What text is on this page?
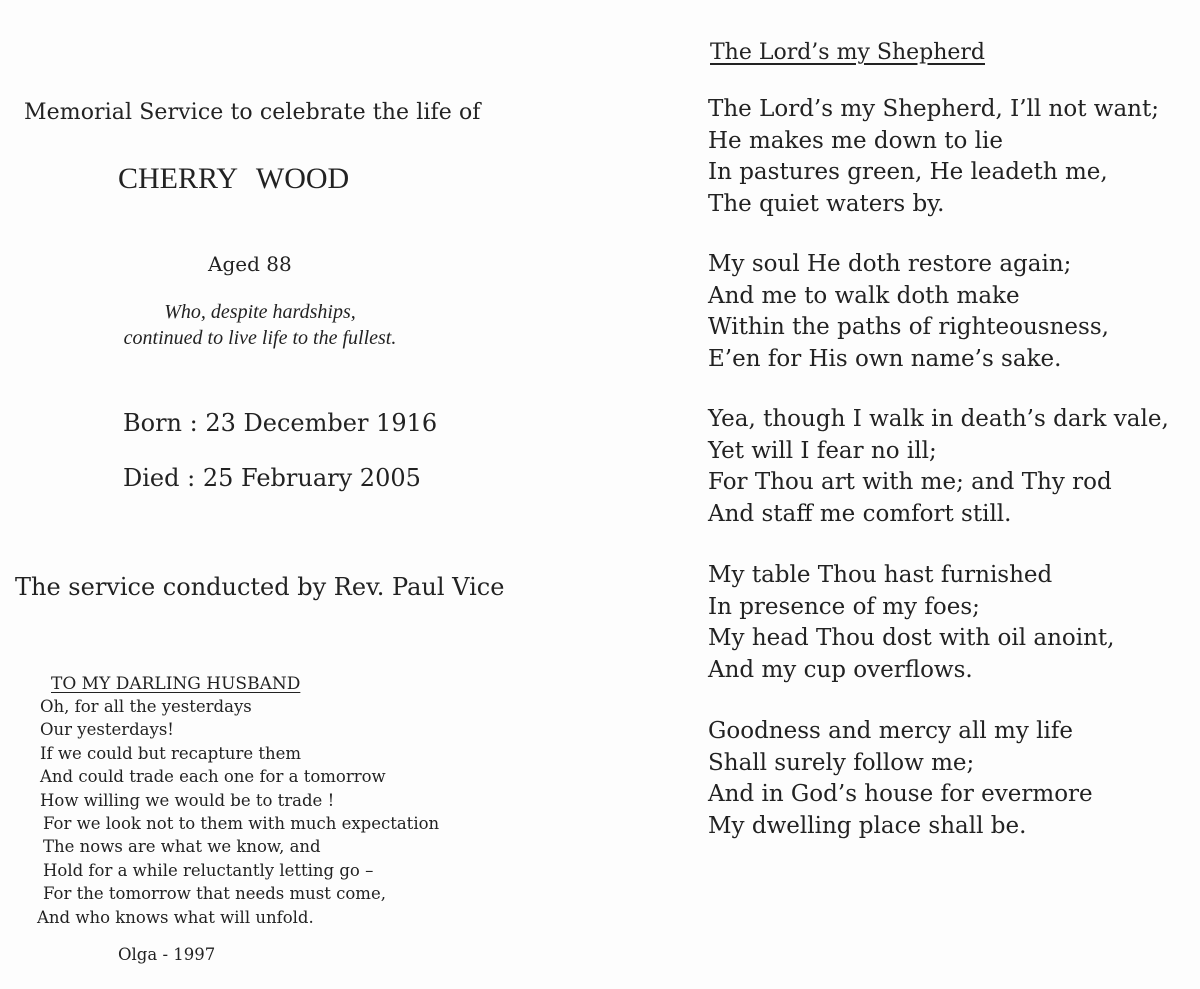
Memorial Service to celebrate the life of
CHERRY WOOD
Aged 88
Who, despite hardships,
continued to live life to the fullest.
Born : 23 December 1916
Died : 25 February 2005
The service conducted by Rev. Paul Vice
TO MY DARLING HUSBAND
Oh, for all the yesterdays
Our yesterdays!
If we could but recapture them
And could trade each one for a tomorrow
How willing we would be to trade !
For we look not to them with much expectation
The nows are what we know, and
Hold for a while reluctantly letting go –
For the tomorrow that needs must come,
And who knows what will unfold.
Olga - 1997
The Lord’s my Shepherd
The Lord’s my Shepherd, I’ll not want;
He makes me down to lie
In pastures green, He leadeth me,
The quiet waters by.
My soul He doth restore again;
And me to walk doth make
Within the paths of righteousness,
E’en for His own name’s sake.
Yea, though I walk in death’s dark vale,
Yet will I fear no ill;
For Thou art with me; and Thy rod
And staff me comfort still.
My table Thou hast furnished
In presence of my foes;
My head Thou dost with oil anoint,
And my cup overflows.
Goodness and mercy all my life
Shall surely follow me;
And in God’s house for evermore
My dwelling place shall be.
